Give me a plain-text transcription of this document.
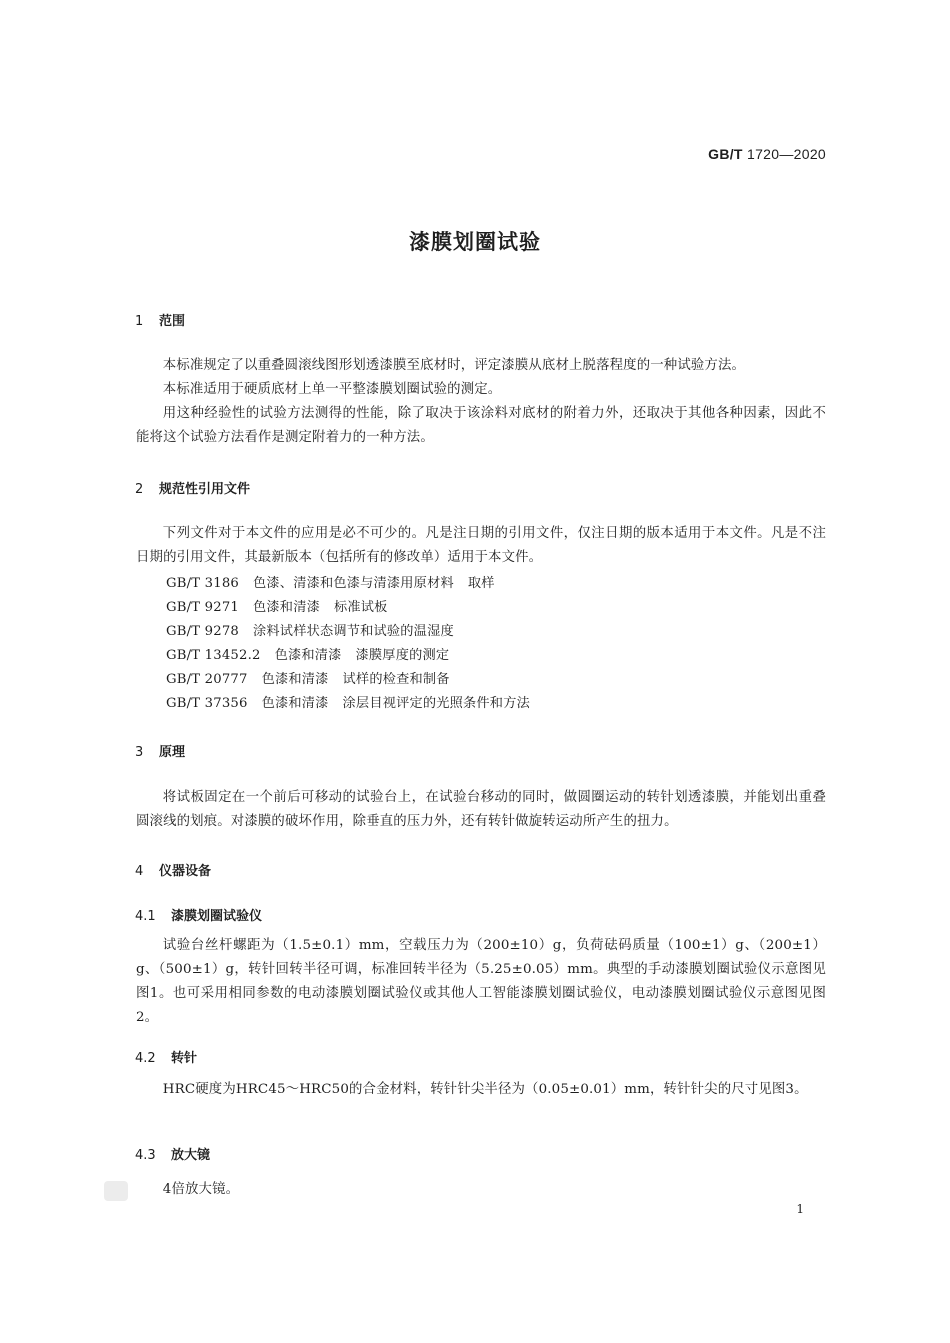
GB/T 1720—2020
漆膜划圈试验
1 范围
本标准规定了以重叠圆滚线图形划透漆膜至底材时，评定漆膜从底材上脱落程度的一种试验方法。
本标准适用于硬质底材上单一平整漆膜划圈试验的测定。
用这种经验性的试验方法测得的性能，除了取决于该涂料对底材的附着力外，还取决于其他各种因素，因此不能将这个试验方法看作是测定附着力的一种方法。
2 规范性引用文件
下列文件对于本文件的应用是必不可少的。凡是注日期的引用文件，仅注日期的版本适用于本文件。凡是不注日期的引用文件，其最新版本（包括所有的修改单）适用于本文件。
GB/T 3186 色漆、清漆和色漆与清漆用原材料 取样
GB/T 9271 色漆和清漆 标准试板
GB/T 9278 涂料试样状态调节和试验的温湿度
GB/T 13452.2 色漆和清漆 漆膜厚度的测定
GB/T 20777 色漆和清漆 试样的检查和制备
GB/T 37356 色漆和清漆 涂层目视评定的光照条件和方法
3 原理
将试板固定在一个前后可移动的试验台上，在试验台移动的同时，做圆圈运动的转针划透漆膜，并能划出重叠圆滚线的划痕。对漆膜的破坏作用，除垂直的压力外，还有转针做旋转运动所产生的扭力。
4 仪器设备
4.1 漆膜划圈试验仪
试验台丝杆螺距为（1.5±0.1）mm，空载压力为（200±10）g，负荷砝码质量（100±1）g、（200±1）g、（500±1）g，转针回转半径可调，标准回转半径为（5.25±0.05）mm。典型的手动漆膜划圈试验仪示意图见图1。也可采用相同参数的电动漆膜划圈试验仪或其他人工智能漆膜划圈试验仪，电动漆膜划圈试验仪示意图见图2。
4.2 转针
HRC硬度为HRC45～HRC50的合金材料，转针针尖半径为（0.05±0.01）mm，转针针尖的尺寸见图3。
4.3 放大镜
4倍放大镜。
1
